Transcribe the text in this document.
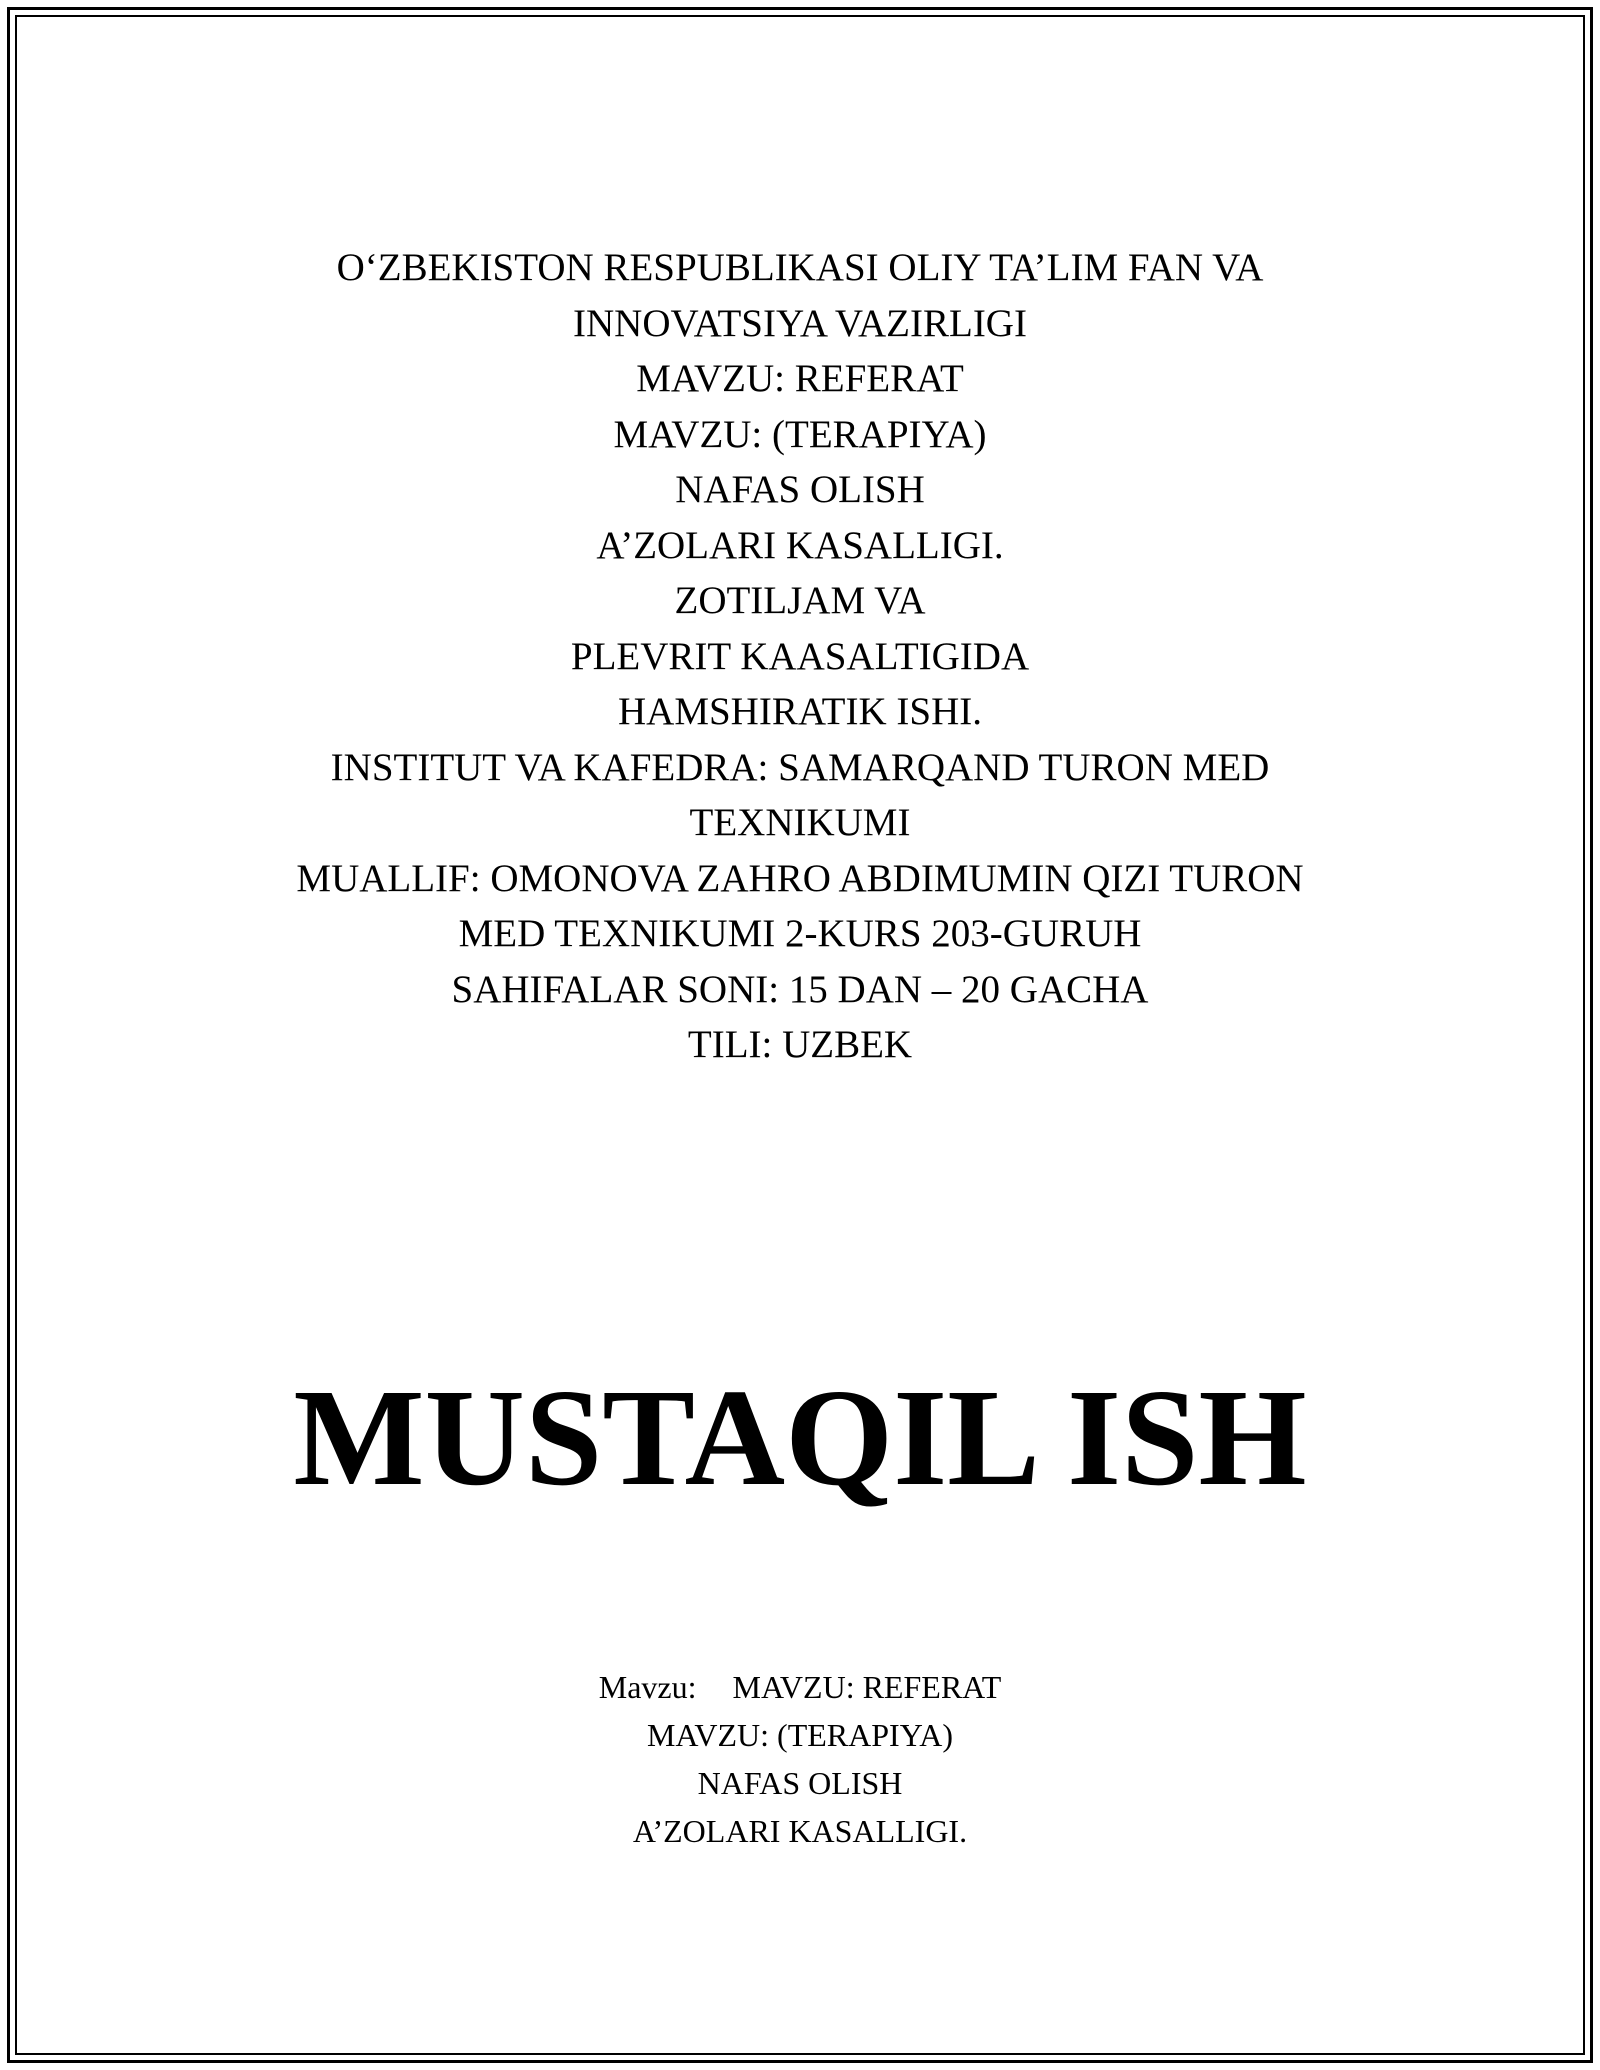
O‘ZBEKISTON RESPUBLIKASI OLIY TA’LIM FAN VA
INNOVATSIYA VAZIRLIGI
MAVZU: REFERAT
MAVZU: (TERAPIYA)
NAFAS OLISH
A’ZOLARI KASALLIGI.
ZOTILJAM VA
PLEVRIT KAASALTIGIDA
HAMSHIRATIK ISHI.
INSTITUT VA KAFEDRA: SAMARQAND TURON MED
TEXNIKUMI
MUALLIF: OMONOVA ZAHRO ABDIMUMIN QIZI TURON
MED TEXNIKUMI 2-KURS 203-GURUH
SAHIFALAR SONI: 15 DAN – 20 GACHA
TILI: UZBEK
MUSTAQIL ISH
Mavzu: MAVZU: REFERAT
MAVZU: (TERAPIYA)
NAFAS OLISH
A’ZOLARI KASALLIGI.
